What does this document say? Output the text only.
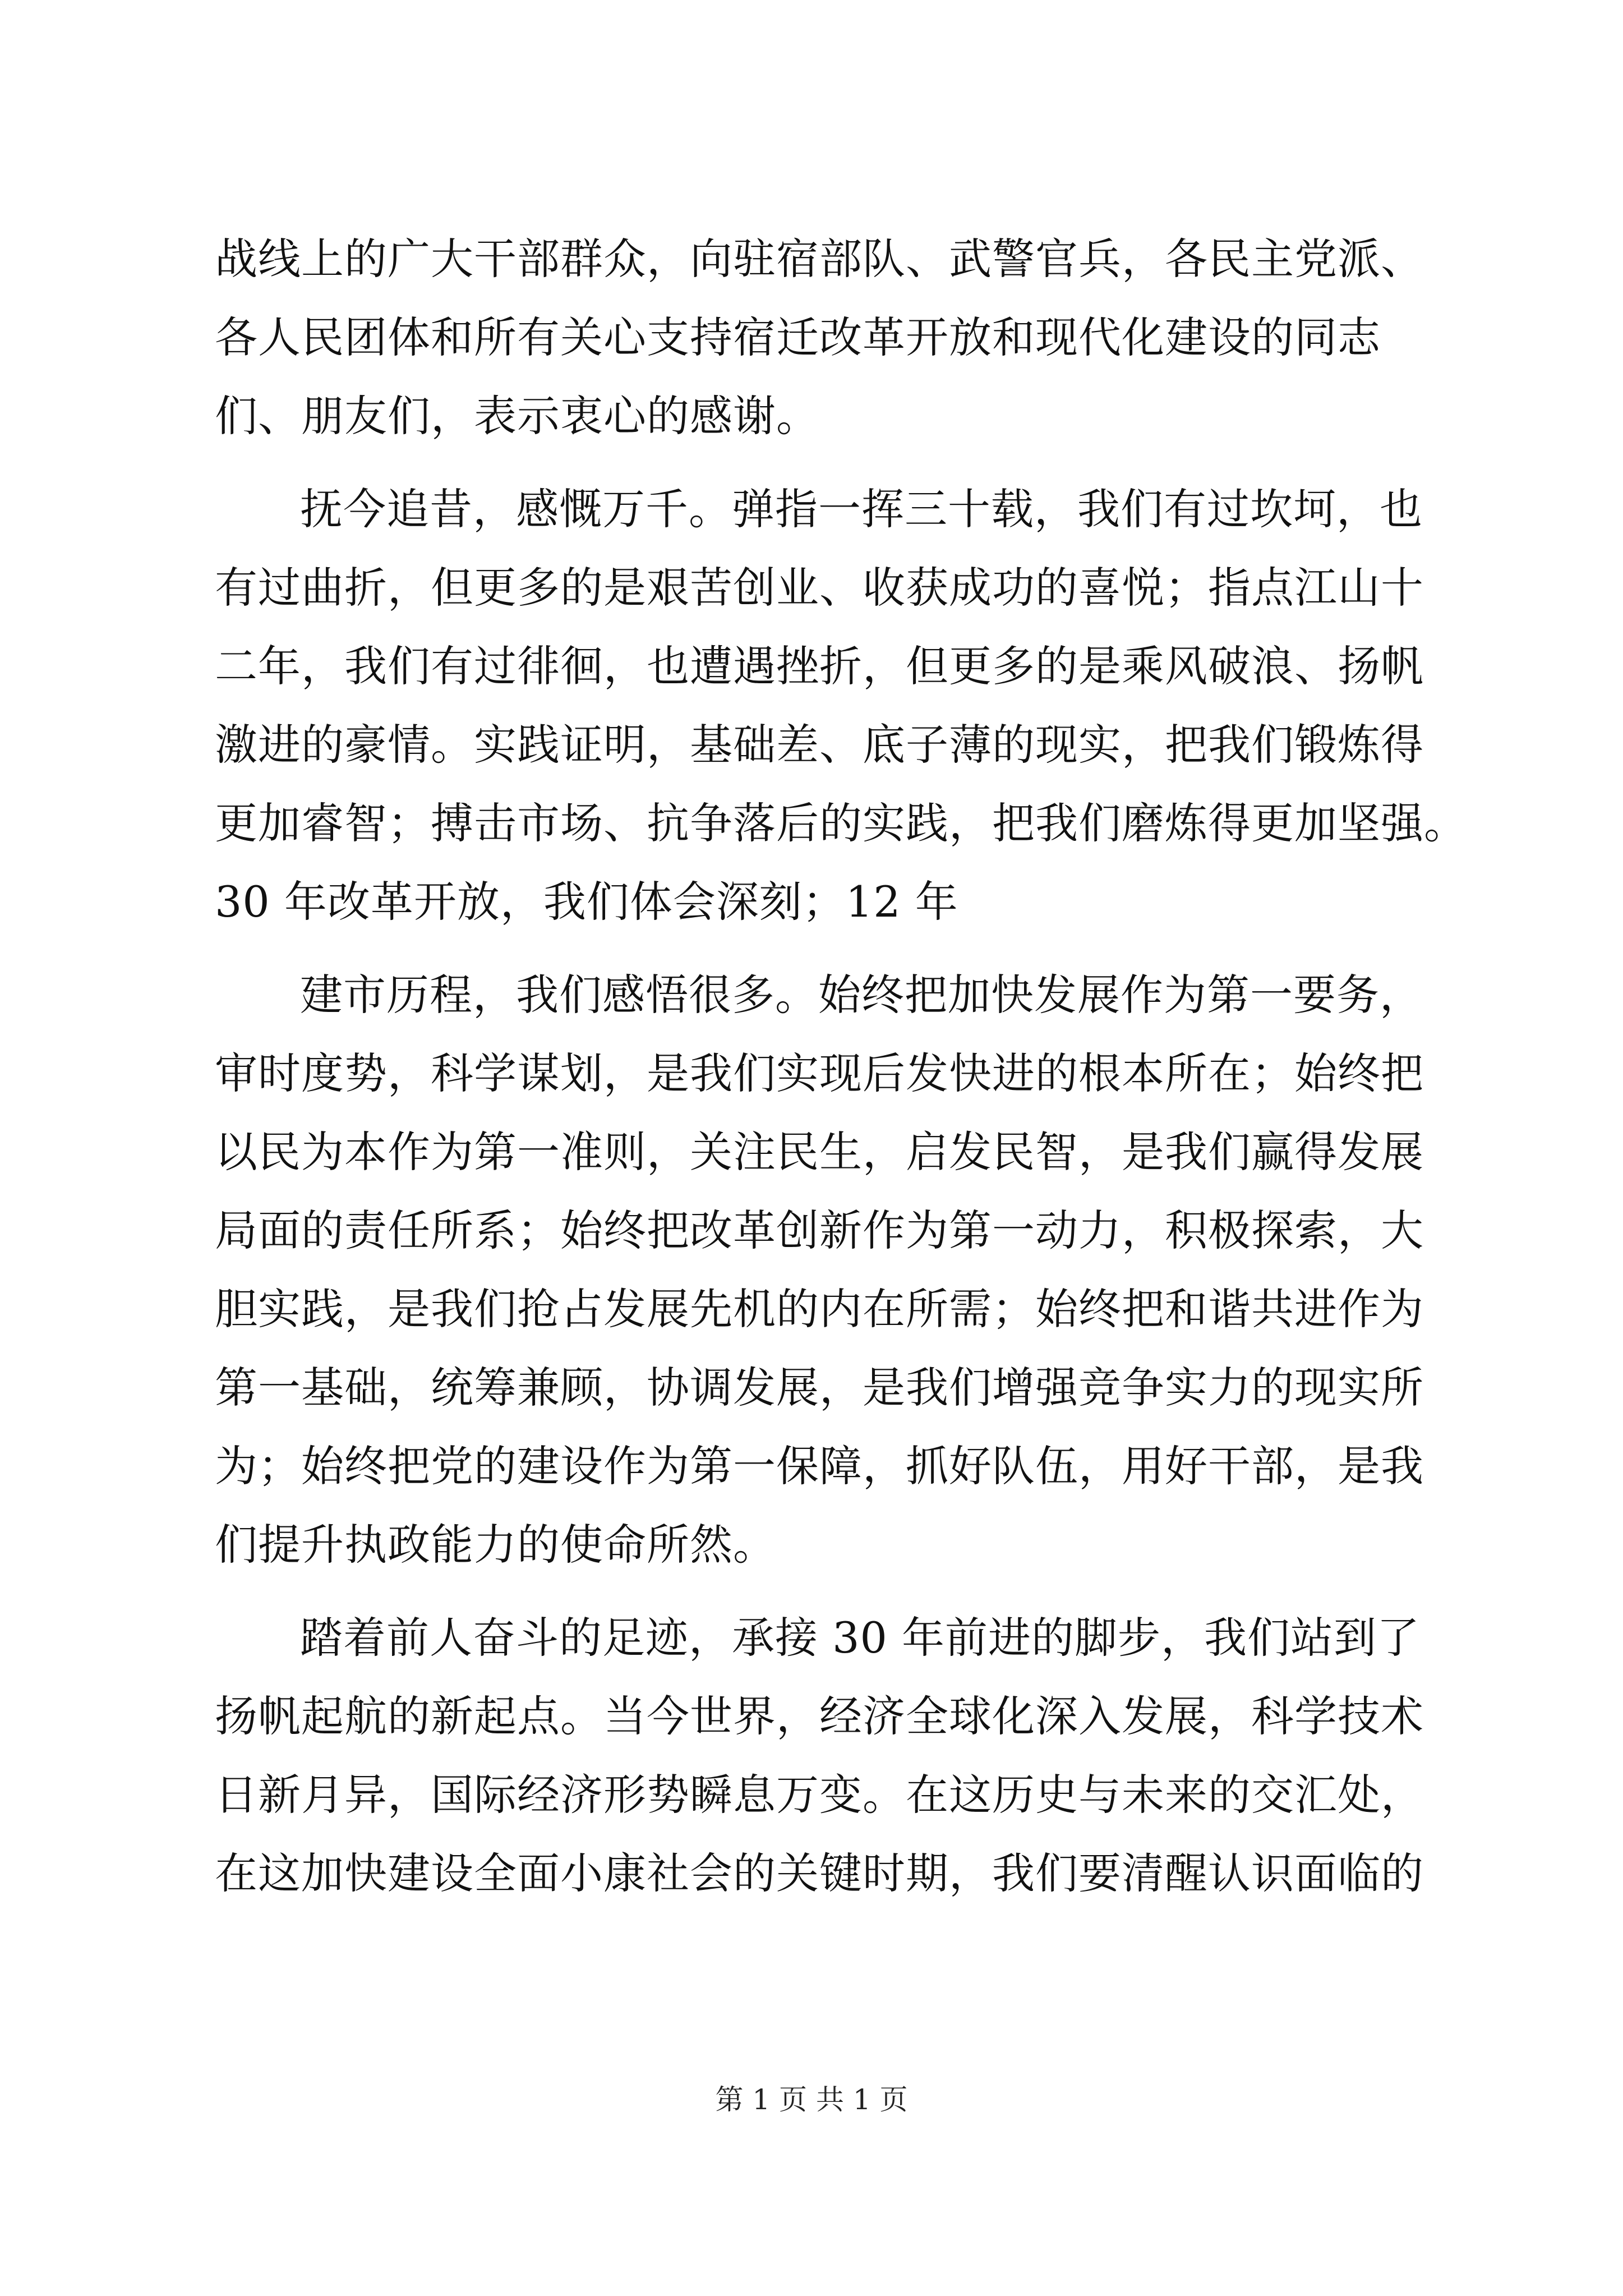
战线上的广大干部群众，向驻宿部队、武警官兵，各民主党派、
各人民团体和所有关心支持宿迁改革开放和现代化建设的同志
们、朋友们，表示衷心的感谢。
抚今追昔，感慨万千。弹指一挥三十载，我们有过坎坷，也
有过曲折，但更多的是艰苦创业、收获成功的喜悦；指点江山十
二年，我们有过徘徊，也遭遇挫折，但更多的是乘风破浪、扬帆
激进的豪情。实践证明，基础差、底子薄的现实，把我们锻炼得
更加睿智；搏击市场、抗争落后的实践，把我们磨炼得更加坚强。
30 年改革开放，我们体会深刻；12 年
建市历程，我们感悟很多。始终把加快发展作为第一要务，
审时度势，科学谋划，是我们实现后发快进的根本所在；始终把
以民为本作为第一准则，关注民生，启发民智，是我们赢得发展
局面的责任所系；始终把改革创新作为第一动力，积极探索，大
胆实践，是我们抢占发展先机的内在所需；始终把和谐共进作为
第一基础，统筹兼顾，协调发展，是我们增强竞争实力的现实所
为；始终把党的建设作为第一保障，抓好队伍，用好干部，是我
们提升执政能力的使命所然。
踏着前人奋斗的足迹，承接 30 年前进的脚步，我们站到了
扬帆起航的新起点。当今世界，经济全球化深入发展，科学技术
日新月异，国际经济形势瞬息万变。在这历史与未来的交汇处，
在这加快建设全面小康社会的关键时期，我们要清醒认识面临的
第 1 页 共 1 页
